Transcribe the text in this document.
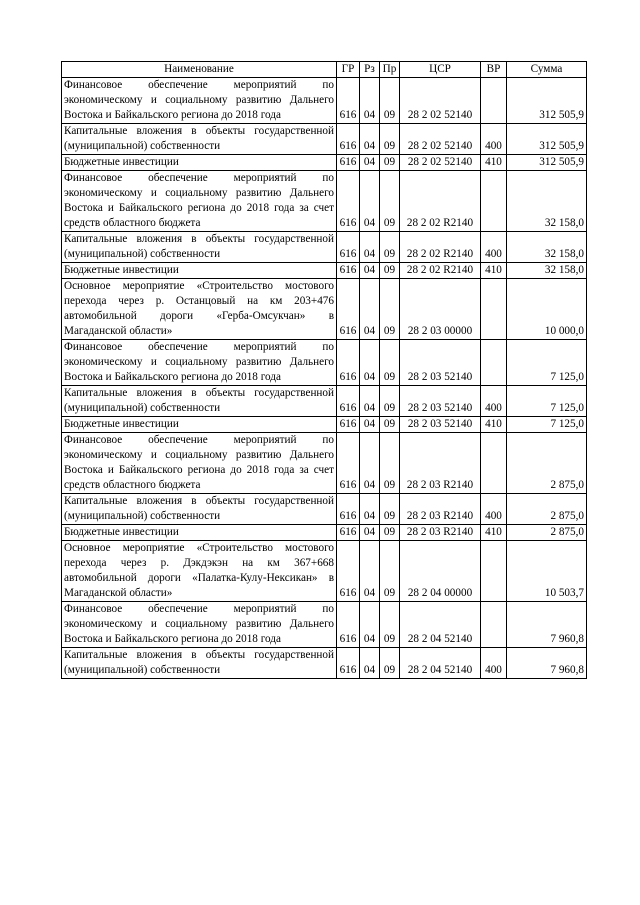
Наименование	ГР	Рз	Пр	ЦСР	ВР	Сумма
Финансовое обеспечение мероприятий по экономическому и социальному развитию Дальнего Востока и Байкальского региона до 2018 года	616	04	09	28 2 02 52140		312 505,9
Капитальные вложения в объекты государственной (муниципальной) собственности	616	04	09	28 2 02 52140	400	312 505,9
Бюджетные инвестиции	616	04	09	28 2 02 52140	410	312 505,9
Финансовое обеспечение мероприятий по экономическому и социальному развитию Дальнего Востока и Байкальского региона до 2018 года за счет средств областного бюджета	616	04	09	28 2 02 R2140		32 158,0
Капитальные вложения в объекты государственной (муниципальной) собственности	616	04	09	28 2 02 R2140	400	32 158,0
Бюджетные инвестиции	616	04	09	28 2 02 R2140	410	32 158,0
Основное мероприятие «Строительство мостового перехода через р. Останцовый на км 203+476 автомобильной дороги «Герба-Омсукчан» в Магаданской области»	616	04	09	28 2 03 00000		10 000,0
Финансовое обеспечение мероприятий по экономическому и социальному развитию Дальнего Востока и Байкальского региона до 2018 года	616	04	09	28 2 03 52140		7 125,0
Капитальные вложения в объекты государственной (муниципальной) собственности	616	04	09	28 2 03 52140	400	7 125,0
Бюджетные инвестиции	616	04	09	28 2 03 52140	410	7 125,0
Финансовое обеспечение мероприятий по экономическому и социальному развитию Дальнего Востока и Байкальского региона до 2018 года за счет средств областного бюджета	616	04	09	28 2 03 R2140		2 875,0
Капитальные вложения в объекты государственной (муниципальной) собственности	616	04	09	28 2 03 R2140	400	2 875,0
Бюджетные инвестиции	616	04	09	28 2 03 R2140	410	2 875,0
Основное мероприятие «Строительство мостового перехода через р. Дэкдэкэн на км 367+668 автомобильной дороги «Палатка-Кулу-Нексикан» в Магаданской области»	616	04	09	28 2 04 00000		10 503,7
Финансовое обеспечение мероприятий по экономическому и социальному развитию Дальнего Востока и Байкальского региона до 2018 года	616	04	09	28 2 04 52140		7 960,8
Капитальные вложения в объекты государственной (муниципальной) собственности	616	04	09	28 2 04 52140	400	7 960,8
